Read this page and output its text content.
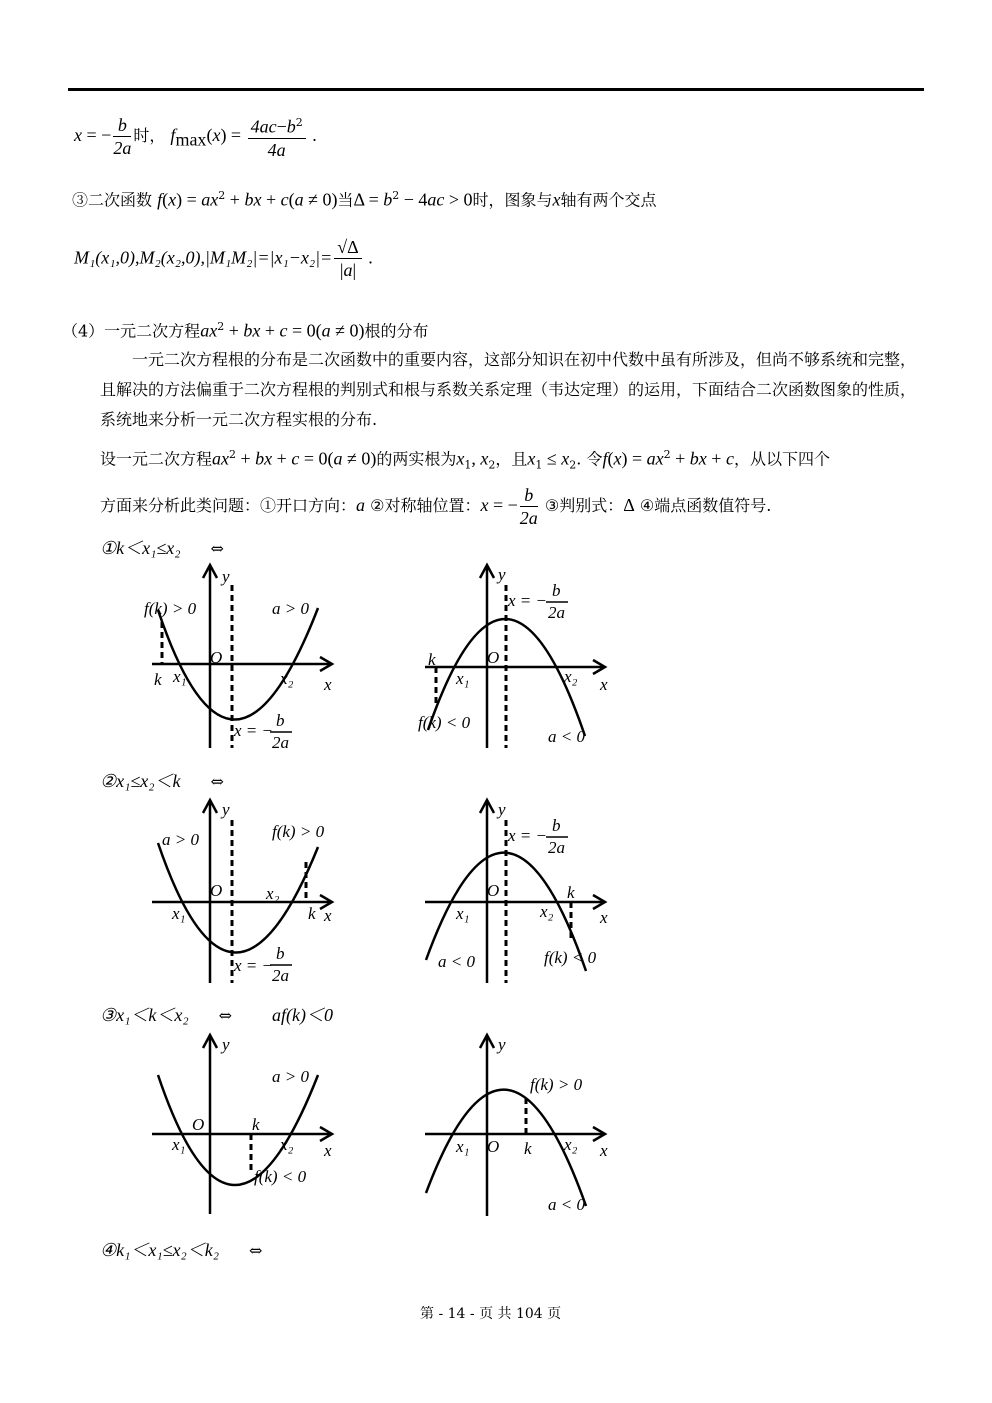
x = − $\frac{b}{2a}$ 时， $f_{max}(x) = \frac{4ac-b^2}{4a}$ .
③二次函数 $f(x) = ax^2$ + bx + c(a ≠ 0)当$\Delta = b^2 - 4ac > 0$时，图象与x轴有两个交点
$M_1(x_1,0),M_2(x_2,0),|M_1M_2|=|x_1-x_2|= \frac{√\Delta}{|a|}$ .
（4）一元二次方程$ax^2$ + bx + c = 0(a ≠ 0)根的分布
一元二次方程根的分布是二次函数中的重要内容，这部分知识在初中代数中虽有所涉及，但尚不够系统和完整，且解决的方法偏重于二次方程根的判别式和根与系数关系定理（韦达定理）的运用，下面结合二次函数图象的性质，系统地来分析一元二次方程实根的分布.
设一元二次方程$ax^2$ + bx + c = 0(a ≠ 0)的两实根为$x_1$, $x_2$，且$x_1 \le x_2$. 令$f(x) = ax^2$ + bx + c，从以下四个
方面来分析此类问题：①开口方向：a ②对称轴位置：x = − $\frac{b}{2a}$ ③判别式：Δ ④端点函数值符号.
①k＜x₁≤x₂ ⇔
②x₁≤x₂＜k ⇔
③x₁＜k＜x₂ ⇔ af(k)＜0
④k₁＜x₁≤x₂＜k₂ ⇔
y
O
k x₁	x₂ x
f(k) > 0	a > 0
x = −
b
2a
y
O
k
x₁	x₂ x
f(k) < 0
a < 0
x = −
b
2a
y
O
x₁
x₂
k x
f(k) > 0
a > 0
x = −
b
2a
y
O
x₁	x₂
k
x
a < 0	f(k) < 0
x = −
b
2a
y
O	k
x₁	x₂ x
a > 0
f(k) < 0
y
O
x₁	k x₂ x
f(k) > 0
a < 0
第 - 14 - 页 共 104 页
